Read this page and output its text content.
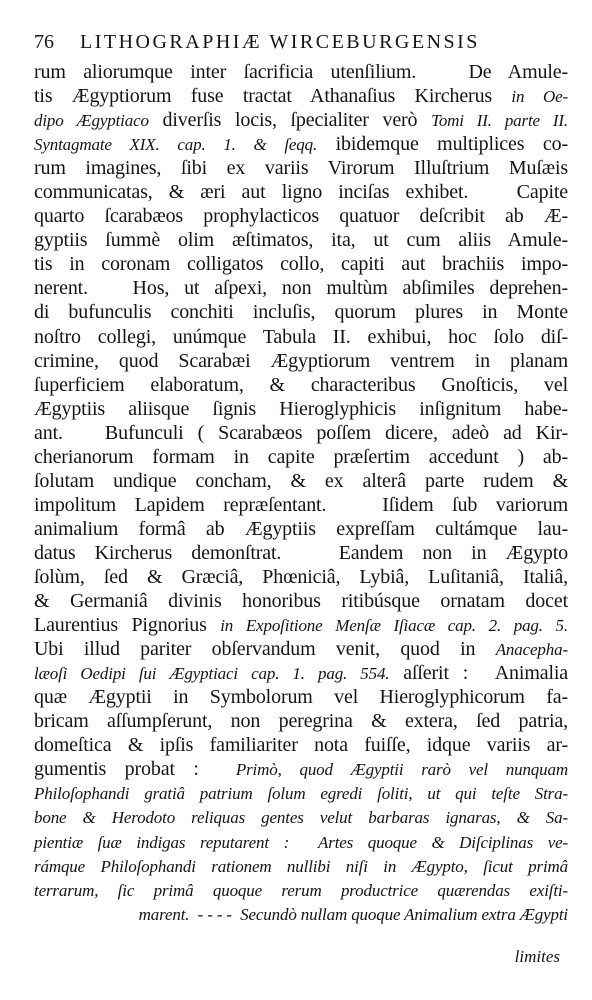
76 LITHOGRAPHIÆ WIRCEBURGENSIS
rum aliorumque inter ſacrificia utenſilium.   De Amule-
tis Ægyptiorum fuse tractat Athanaſius Kircherus in Oe-
dipo Ægyptiaco diverſis locis, ſpecialiter verò Tomi II. parte II.
Syntagmate XIX. cap. 1. & ſeqq. ibidemque multiplices co-
rum imagines, ſibi ex variis Virorum Illuſtrium Muſæis
communicatas, & æri aut ligno inciſas exhibet.   Capite
quarto ſcarabæos prophylacticos quatuor deſcribit ab Æ-
gyptiis ſummè olim æſtimatos, ita, ut cum aliis Amule-
tis in coronam colligatos collo, capiti aut brachiis impo-
nerent.   Hos, ut aſpexi, non multùm abſimiles deprehen-
di bufunculis conchiti incluſis, quorum plures in Monte
noſtro collegi, unúmque Tabula II. exhibui, hoc ſolo diſ-
crimine, quod Scarabæi Ægyptiorum ventrem in planam
ſuperficiem elaboratum, & characteribus Gnoſticis, vel
Ægyptiis aliisque ſignis Hieroglyphicis inſignitum habe-
ant.   Bufunculi ( Scarabæos poſſem dicere, adeò ad Kir-
cherianorum formam in capite præſertim accedunt ) ab-
ſolutam undique concham, & ex alterâ parte rudem &
impolitum Lapidem repræſentant.   Iſidem ſub variorum
animalium formâ ab Ægyptiis expreſſam cultámque lau-
datus Kircherus demonſtrat.   Eandem non in Ægypto
ſolùm, ſed & Græciâ, Phœniciâ, Lybiâ, Luſitaniâ, Italiâ,
& Germaniâ divinis honoribus ritibúsque ornatam docet
Laurentius Pignorius in Expoſitione Menſæ Iſiacæ cap. 2. pag. 5.
Ubi illud pariter obſervandum venit, quod in Anacepha-
læoſi Oedipi ſui Ægyptiaci cap. 1. pag. 554. aſſerit :  Animalia
quæ Ægyptii in Symbolorum vel Hieroglyphicorum fa-
bricam aſſumpſerunt, non peregrina & extera, ſed patria,
domeſtica & ipſis familiariter nota fuiſſe, idque variis ar-
gumentis probat :  Primò, quod Ægyptii rarò vel nunquam
Philoſophandi gratiâ patrium ſolum egredi ſoliti, ut qui teſte Stra-
bone & Herodoto reliquas gentes velut barbaras ignaras, & Sa-
pientiæ ſuæ indigas reputarent :  Artes quoque & Diſciplinas ve-
rámque Philoſophandi rationem nullibi niſi in Ægypto, ſicut primâ
terrarum, ſic primâ quoque rerum productrice quærendas exiſti-
marent.  - - - -  Secundò nullam quoque Animalium extra Ægypti
limites
